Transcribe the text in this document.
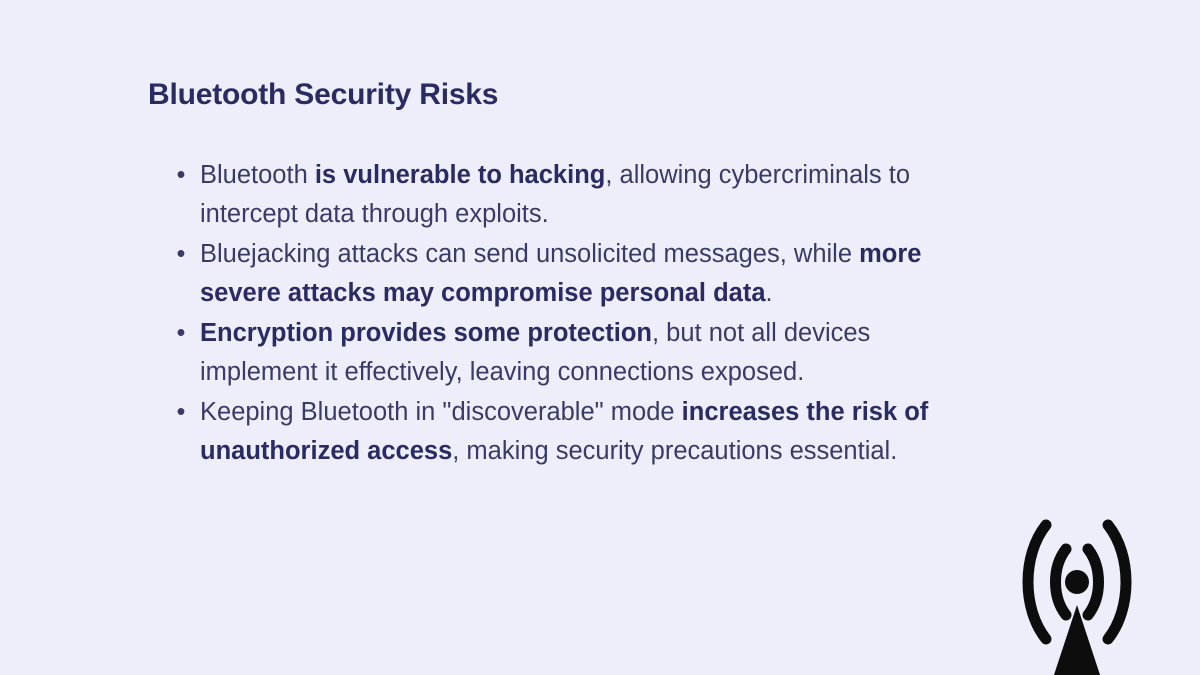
Bluetooth Security Risks
• Bluetooth is vulnerable to hacking, allowing cybercriminals to intercept data through exploits.
• Bluejacking attacks can send unsolicited messages, while more severe attacks may compromise personal data.
• Encryption provides some protection, but not all devices implement it effectively, leaving connections exposed.
• Keeping Bluetooth in "discoverable" mode increases the risk of unauthorized access, making security precautions essential.
